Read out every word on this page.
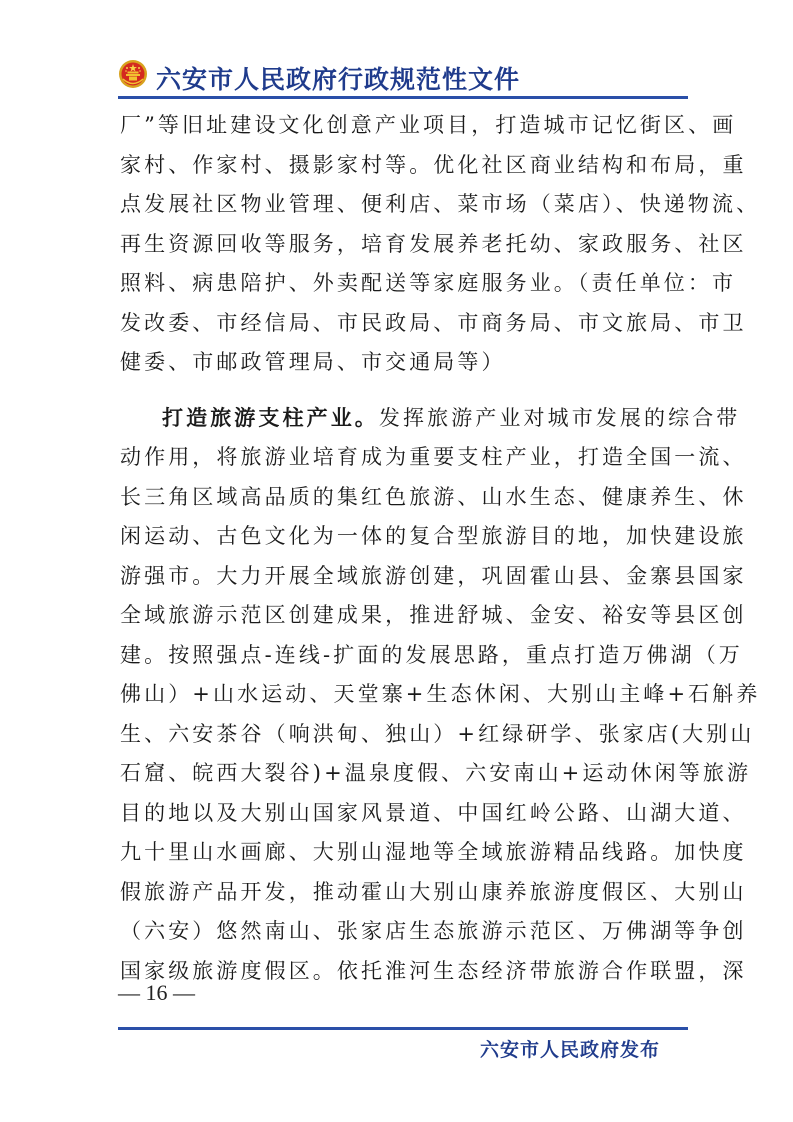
六安市人民政府行政规范性文件
厂”等旧址建设文化创意产业项目，打造城市记忆街区、画
家村、作家村、摄影家村等。优化社区商业结构和布局，重
点发展社区物业管理、便利店、菜市场（菜店）、快递物流、
再生资源回收等服务，培育发展养老托幼、家政服务、社区
照料、病患陪护、外卖配送等家庭服务业。（责任单位：市
发改委、市经信局、市民政局、市商务局、市文旅局、市卫
健委、市邮政管理局、市交通局等）
打造旅游支柱产业。发挥旅游产业对城市发展的综合带
动作用，将旅游业培育成为重要支柱产业，打造全国一流、
长三角区域高品质的集红色旅游、山水生态、健康养生、休
闲运动、古色文化为一体的复合型旅游目的地，加快建设旅
游强市。大力开展全域旅游创建，巩固霍山县、金寨县国家
全域旅游示范区创建成果，推进舒城、金安、裕安等县区创
建。按照强点-连线-扩面的发展思路，重点打造万佛湖（万
佛山）+山水运动、天堂寨+生态休闲、大别山主峰+石斛养
生、六安茶谷（响洪甸、独山）+红绿研学、张家店(大别山
石窟、皖西大裂谷)+温泉度假、六安南山+运动休闲等旅游
目的地以及大别山国家风景道、中国红岭公路、山湖大道、
九十里山水画廊、大别山湿地等全域旅游精品线路。加快度
假旅游产品开发，推动霍山大别山康养旅游度假区、大别山
（六安）悠然南山、张家店生态旅游示范区、万佛湖等争创
国家级旅游度假区。依托淮河生态经济带旅游合作联盟，深
— 16 —
六安市人民政府发布
